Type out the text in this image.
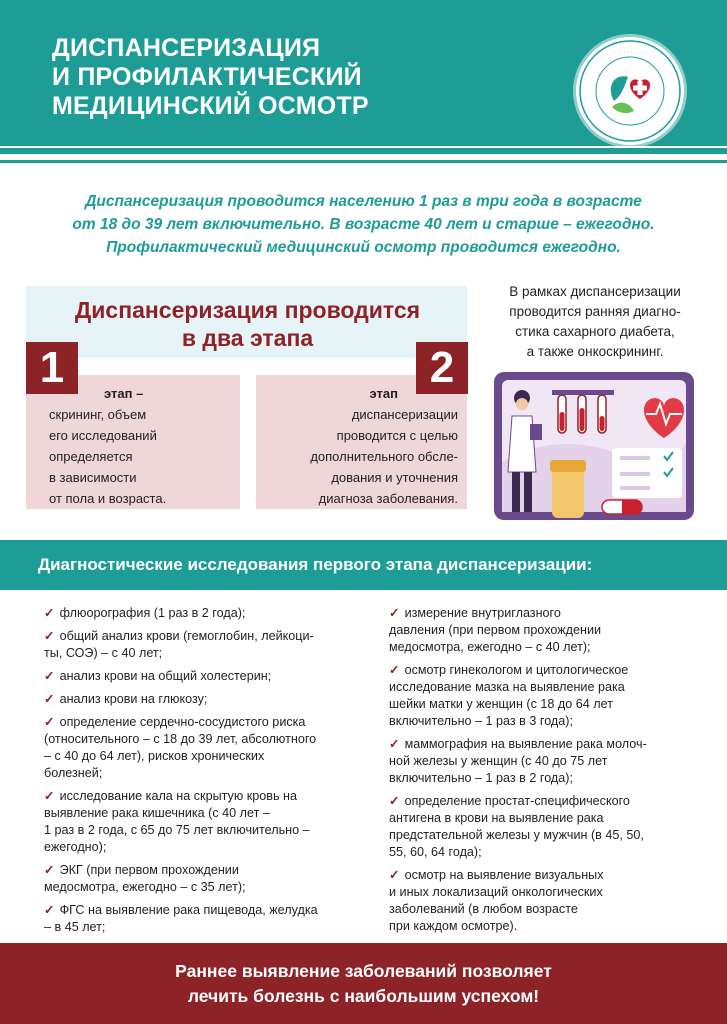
ДИСПАНСЕРИЗАЦИЯ
И ПРОФИЛАКТИЧЕСКИЙ
МЕДИЦИНСКИЙ ОСМОТР
· · · · · · · · · ·
Диспансеризация проводится населению 1 раз в три года в возрасте
от 18 до 39 лет включительно. В возрасте 40 лет и старше – ежегодно.
Профилактический медицинский осмотр проводится ежегодно.
Диспансеризация проводится
в два этапа
1
этап –
скрининг, объем
его исследований
определяется
в зависимости
от пола и возраста.
2
этап
диспансеризации
проводится с целью
дополнительного обсле-
дования и уточнения
диагноза заболевания.
В рамках диспансеризации
проводится ранняя диагно-
стика сахарного диабета,
а также онкоскрининг.
Диагностические исследования первого этапа диспансеризации:
✓ флюорография (1 раз в 2 года);
✓ общий анализ крови (гемоглобин, лейкоци-
ты, СОЭ) – с 40 лет;
✓ анализ крови на общий холестерин;
✓ анализ крови на глюкозу;
✓ определение сердечно-сосудистого риска
(относительного – с 18 до 39 лет, абсолютного
– с 40 до 64 лет), рисков хронических
болезней;
✓ исследование кала на скрытую кровь на
выявление рака кишечника (с 40 лет –
1 раз в 2 года, с 65 до 75 лет включительно –
ежегодно);
✓ ЭКГ (при первом прохождении
медосмотра, ежегодно – с 35 лет);
✓ ФГС на выявление рака пищевода, желудка
– в 45 лет;
✓ измерение внутриглазного
давления (при первом прохождении
медосмотра, ежегодно – с 40 лет);
✓ осмотр гинекологом и цитологическое
исследование мазка на выявление рака
шейки матки у женщин (с 18 до 64 лет
включительно – 1 раз в 3 года);
✓ маммография на выявление рака молоч-
ной железы у женщин (с 40 до 75 лет
включительно – 1 раз в 2 года);
✓ определение простат-специфического
антигена в крови на выявление рака
предстательной железы у мужчин (в 45, 50,
55, 60, 64 года);
✓ осмотр на выявление визуальных
и иных локализаций онкологических
заболеваний (в любом возрасте
при каждом осмотре).
Раннее выявление заболеваний позволяет
лечить болезнь с наибольшим успехом!
